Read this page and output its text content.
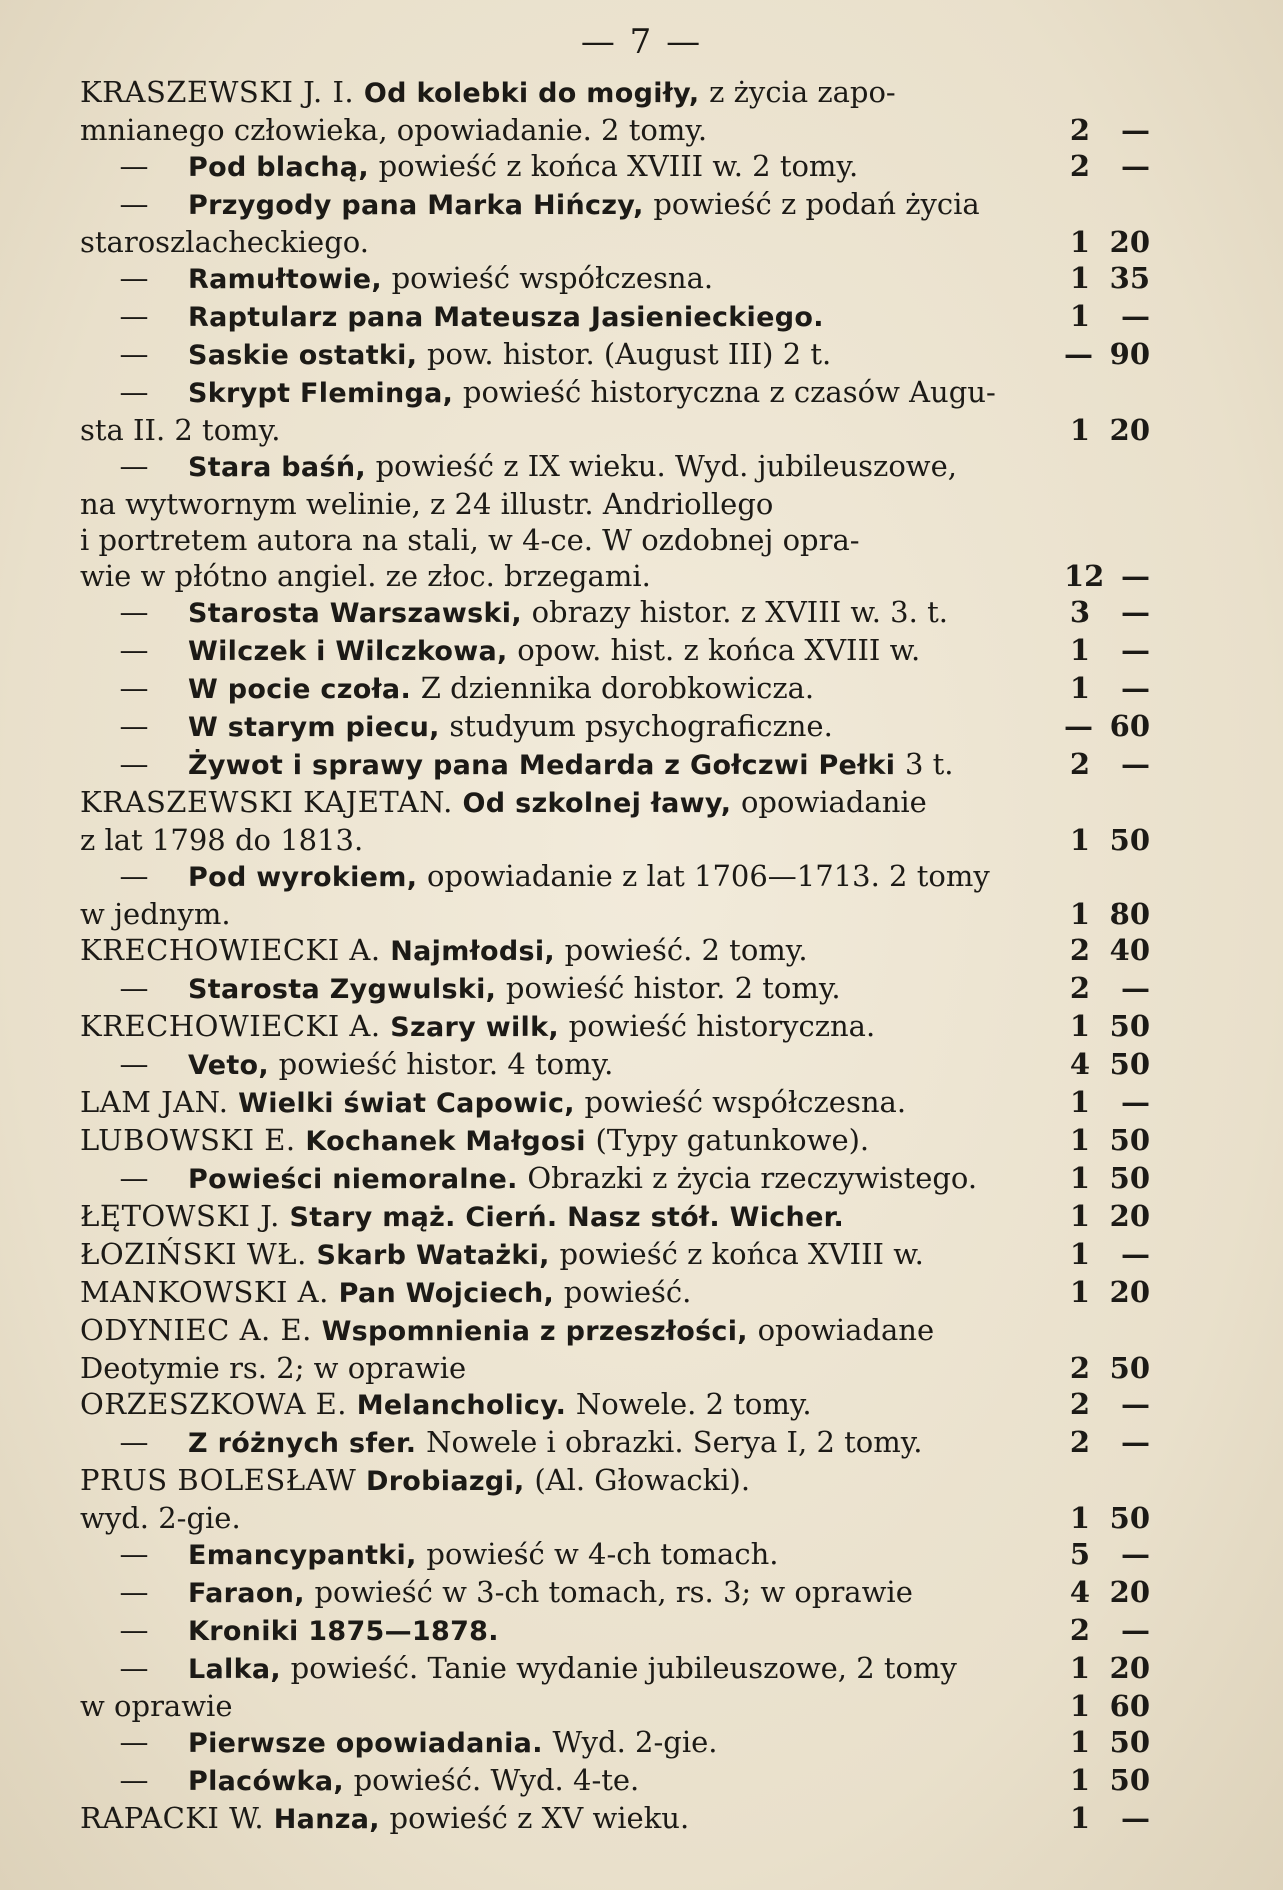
— 7 —
KRASZEWSKI J. I. Od kolebki do mogiły, z życia zapo-
mnianego człowieka, opowiadanie. 2 tomy.	2	—
—	Pod blachą, powieść z końca XVIII w. 2 tomy.	2	—
—	Przygody pana Marka Hińczy, powieść z podań życia
staroszlacheckiego.	1 20
—	Ramułtowie, powieść współczesna.	1 35
—	Raptularz pana Mateusza Jasienieckiego.	1	—
—	Saskie ostatki, pow. histor. (August III) 2 t.	— 90
—	Skrypt Fleminga, powieść historyczna z czasów Augu-
sta II. 2 tomy.	1 20
—	Stara baśń, powieść z IX wieku. Wyd. jubileuszowe,
na wytwornym welinie, z 24 illustr. Andriollego
i portretem autora na stali, w 4-ce. W ozdobnej opra-
wie w płótno angiel. ze złoc. brzegami.	12 —
—	Starosta Warszawski, obrazy histor. z XVIII w. 3. t.	3	—
—	Wilczek i Wilczkowa, opow. hist. z końca XVIII w.	1	—
—	W pocie czoła. Z dziennika dorobkowicza.	1	—
—	W starym piecu, studyum psychograficzne.	— 60
—	Żywot i sprawy pana Medarda z Gołczwi Pełki 3 t.	2	—
KRASZEWSKI KAJETAN. Od szkolnej ławy, opowiadanie
z lat 1798 do 1813.	1 50
—	Pod wyrokiem, opowiadanie z lat 1706—1713. 2 tomy
w jednym.	1 80
KRECHOWIECKI A. Najmłodsi, powieść. 2 tomy.	2 40
—	Starosta Zygwulski, powieść histor. 2 tomy.	2	—
KRECHOWIECKI A. Szary wilk, powieść historyczna.	1 50
—	Veto, powieść histor. 4 tomy.	4 50
LAM JAN. Wielki świat Capowic, powieść współczesna.	1	—
LUBOWSKI E. Kochanek Małgosi (Typy gatunkowe).	1 50
—	Powieści niemoralne. Obrazki z życia rzeczywistego.	1 50
ŁĘTOWSKI J. Stary mąż. Cierń. Nasz stół. Wicher.	1 20
ŁOZIŃSKI WŁ. Skarb Watażki, powieść z końca XVIII w.	1	—
MANKOWSKI A. Pan Wojciech, powieść.	1 20
ODYNIEC A. E. Wspomnienia z przeszłości, opowiadane
Deotymie rs. 2; w oprawie	2 50
ORZESZKOWA E. Melancholicy. Nowele. 2 tomy.	2	—
—	Z różnych sfer. Nowele i obrazki. Serya I, 2 tomy.	2	—
PRUS BOLESŁAW Drobiazgi, (Al. Głowacki).
wyd. 2-gie.	1 50
—	Emancypantki, powieść w 4-ch tomach.	5	—
—	Faraon, powieść w 3-ch tomach, rs. 3; w oprawie	4 20
—	Kroniki 1875—1878.	2	—
—	Lalka, powieść. Tanie wydanie jubileuszowe, 2 tomy	1 20
w oprawie	1 60
—	Pierwsze opowiadania. Wyd. 2-gie.	1 50
—	Placówka, powieść. Wyd. 4-te.	1 50
RAPACKI W. Hanza, powieść z XV wieku.	1	—
